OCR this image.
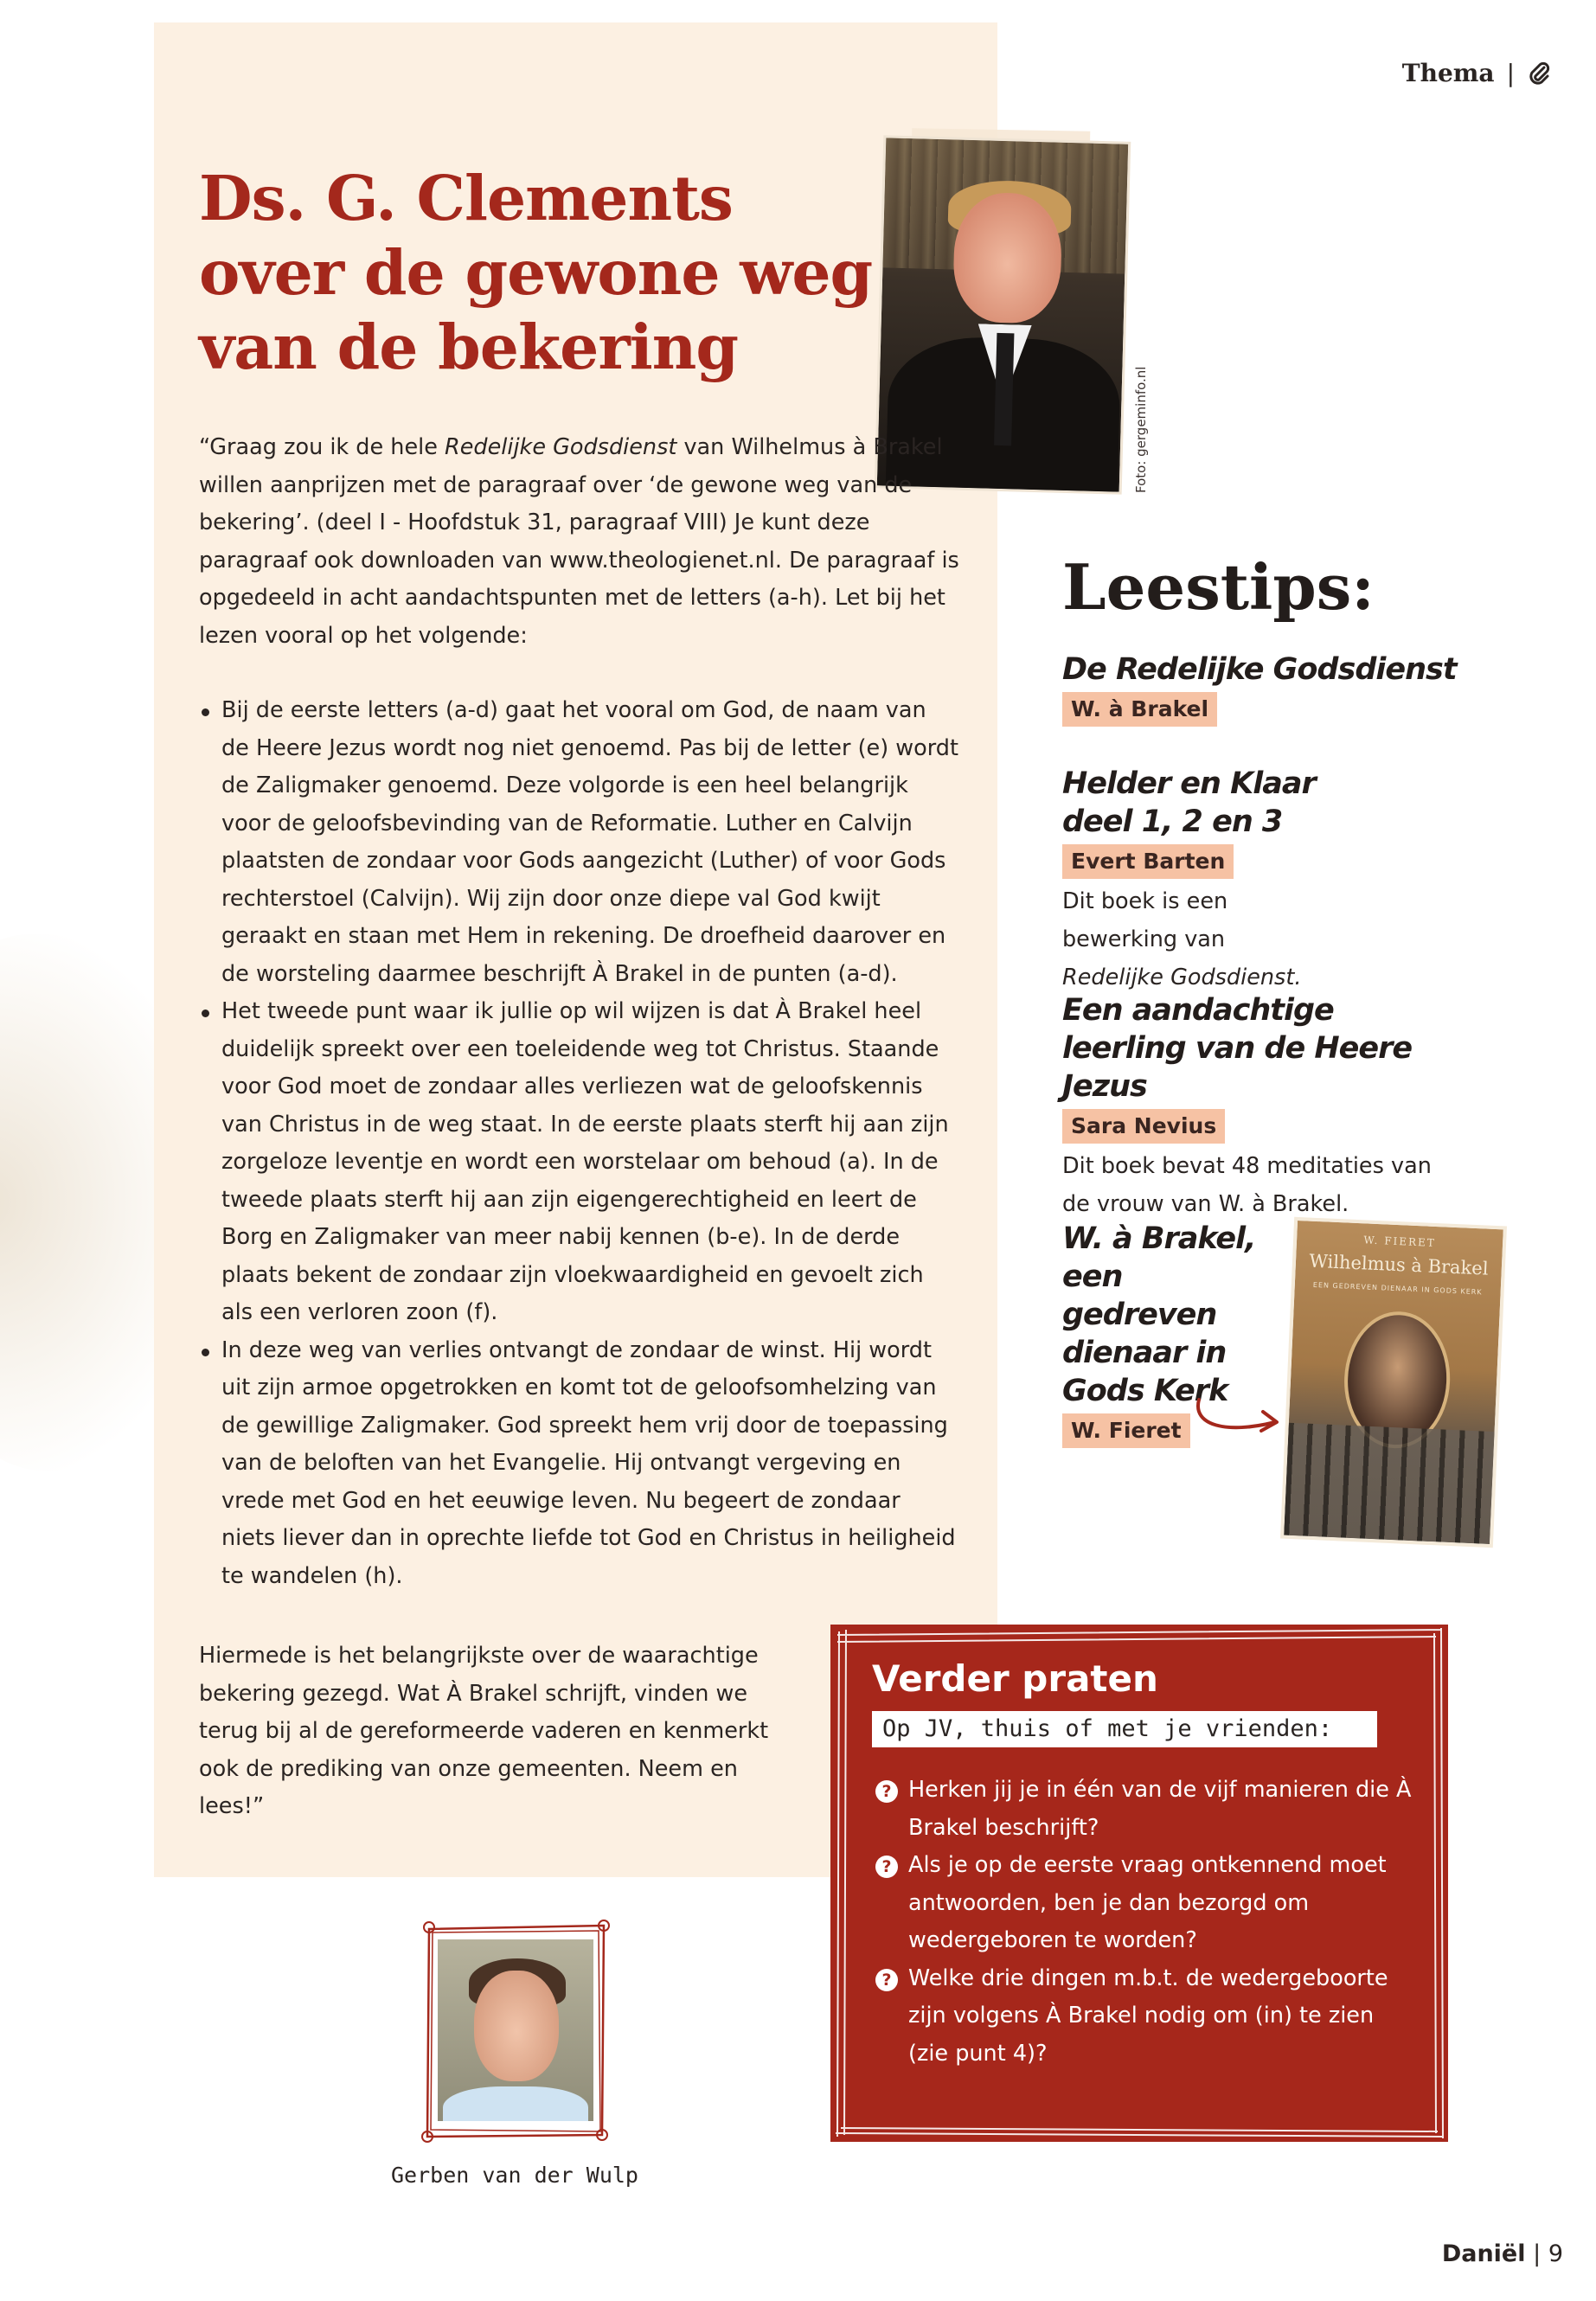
Thema |
Ds. G. Clements over de gewone weg van de bekering
Foto: gergeminfo.nl

“Graag zou ik de hele Redelijke Godsdienst van Wilhelmus à Brakel willen aanprijzen met de paragraaf over ‘de gewone weg van de bekering’. (deel I - Hoofdstuk 31, paragraaf VIII) Je kunt deze paragraaf ook downloaden van www.theologienet.nl. De paragraaf is opgedeeld in acht aandachtspunten met de letters (a-h). Let bij het lezen vooral op het volgende:

Bij de eerste letters (a-d) gaat het vooral om God, de naam van de Heere Jezus wordt nog niet genoemd. Pas bij de letter (e) wordt de Zaligmaker genoemd. Deze volgorde is een heel belangrijk voor de geloofsbevinding van de Reformatie. Luther en Calvijn plaatsten de zondaar voor Gods aangezicht (Luther) of voor Gods rechterstoel (Calvijn). Wij zijn door onze diepe val God kwijt geraakt en staan met Hem in rekening. De droefheid daarover en de worsteling daarmee beschrijft À Brakel in de punten (a-d).
Het tweede punt waar ik jullie op wil wijzen is dat À Brakel heel duidelijk spreekt over een toeleidende weg tot Christus. Staande voor God moet de zondaar alles verliezen wat de geloofskennis van Christus in de weg staat. In de eerste plaats sterft hij aan zijn zorgeloze leventje en wordt een worstelaar om behoud (a). In de tweede plaats sterft hij aan zijn eigengerechtigheid en leert de Borg en Zaligmaker van meer nabij kennen (b-e). In de derde plaats bekent de zondaar zijn vloekwaardigheid en gevoelt zich als een verloren zoon (f).
In deze weg van verlies ontvangt de zondaar de winst. Hij wordt uit zijn armoe opgetrokken en komt tot de geloofsomhelzing van de gewillige Zaligmaker. God spreekt hem vrij door de toepassing van de beloften van het Evangelie. Hij ontvangt vergeving en vrede met God en het eeuwige leven. Nu begeert de zondaar niets liever dan in oprechte liefde tot God en Christus in heiligheid te wandelen (h).

Hiermede is het belangrijkste over de waarachtige bekering gezegd. Wat À Brakel schrijft, vinden we terug bij al de gereformeerde vaderen en kenmerkt ook de prediking van onze gemeenten. Neem en lees!”

Leestips:
De Redelijke Godsdienst
W. à Brakel
Helder en Klaar deel 1, 2 en 3
Evert Barten
Dit boek is een bewerking van
Redelijke Godsdienst.
Een aandachtige leerling van de Heere Jezus
Sara Nevius
Dit boek bevat 48 meditaties van de vrouw van W. à Brakel.
W. à Brakel, een gedreven dienaar in Gods Kerk
W. Fieret
W. FIERET
Wilhelmus à Brakel
EEN GEDREVEN DIENAAR IN GODS KERK
Verder praten
Op JV, thuis of met je vrienden:
? Herken jij je in één van de vijf manieren die À Brakel beschrijft?
? Als je op de eerste vraag ontkennend moet antwoorden, ben je dan bezorgd om wedergeboren te worden?
? Welke drie dingen m.b.t. de wedergeboorte zijn volgens À Brakel nodig om (in) te zien (zie punt 4)?
Gerben van der Wulp
Daniël | 9
